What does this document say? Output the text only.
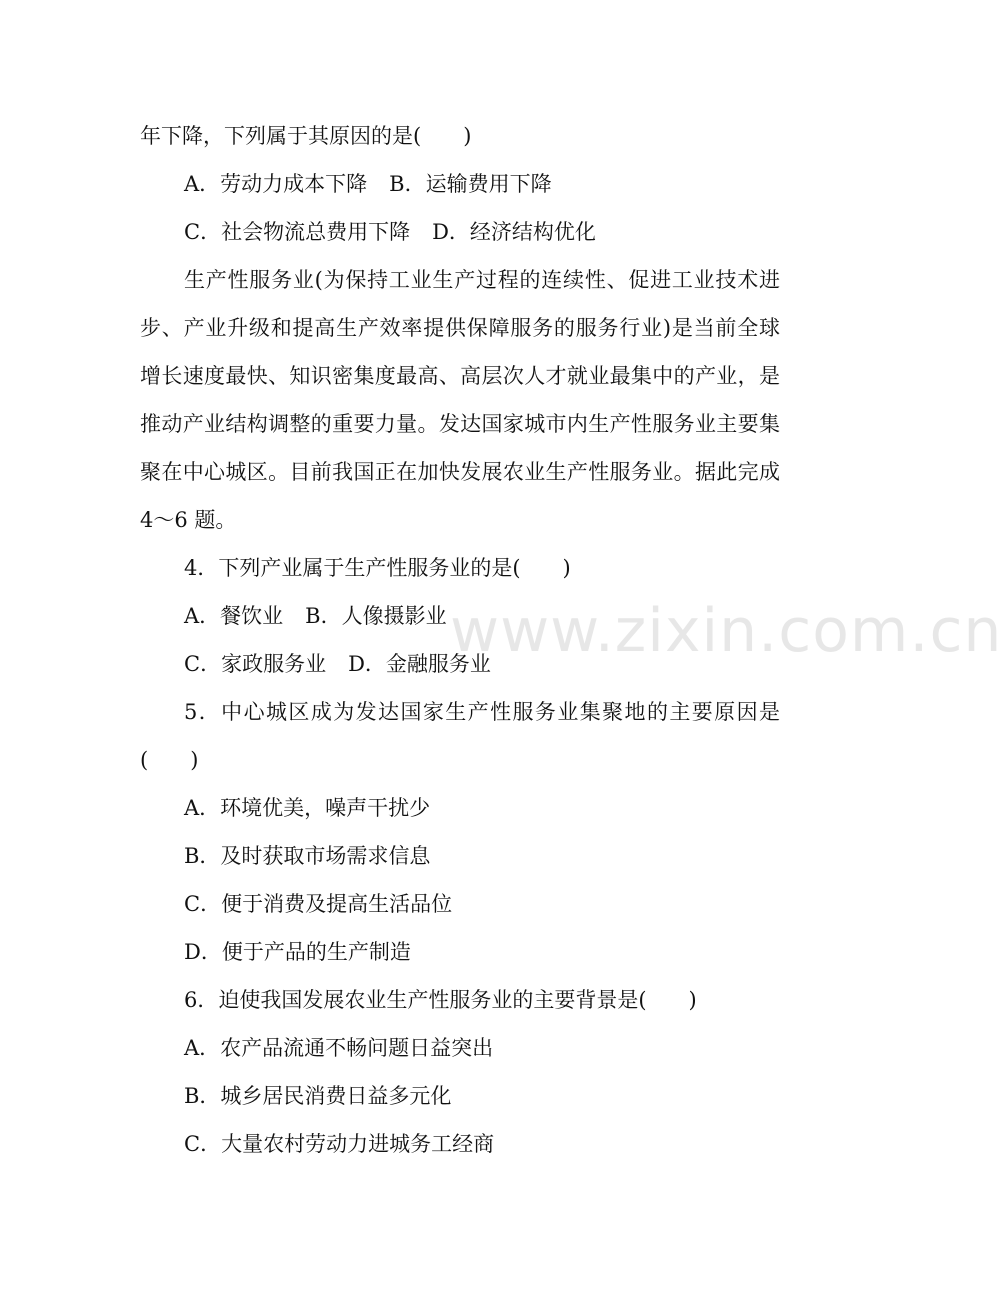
年下降，下列属于其原因的是(　　)
A．劳动力成本下降 B．运输费用下降
C．社会物流总费用下降 D．经济结构优化
生产性服务业(为保持工业生产过程的连续性、促进工业技术进
步、产业升级和提高生产效率提供保障服务的服务行业)是当前全球
增长速度最快、知识密集度最高、高层次人才就业最集中的产业，是
推动产业结构调整的重要力量。发达国家城市内生产性服务业主要集
聚在中心城区。目前我国正在加快发展农业生产性服务业。据此完成
4～6 题。
4．下列产业属于生产性服务业的是(　　)
A．餐饮业 B．人像摄影业
C．家政服务业 D．金融服务业
5．中心城区成为发达国家生产性服务业集聚地的主要原因是
(　　)
A．环境优美，噪声干扰少
B．及时获取市场需求信息
C．便于消费及提高生活品位
D．便于产品的生产制造
6．迫使我国发展农业生产性服务业的主要背景是(　　)
A．农产品流通不畅问题日益突出
B．城乡居民消费日益多元化
C．大量农村劳动力进城务工经商
www.zixin.com.cn
